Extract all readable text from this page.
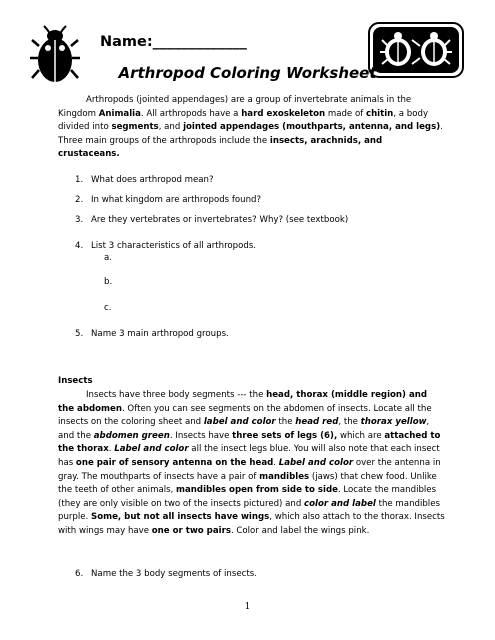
Name:_____________
Arthropod Coloring Worksheet
Arthropods (jointed appendages) are a group of invertebrate animals in the Kingdom Animalia. All arthropods have a hard exoskeleton made of chitin, a body divided into segments, and jointed appendages (mouthparts, antenna, and legs). Three main groups of the arthropods include the insects, arachnids, and crustaceans.
1. What does arthropod mean?
2. In what kingdom are arthropods found?
3. Are they vertebrates or invertebrates? Why? (see textbook)
4. List 3 characteristics of all arthropods.
a.
b.
c.
5. Name 3 main arthropod groups.
Insects
Insects have three body segments --- the head, thorax (middle region) and the abdomen. Often you can see segments on the abdomen of insects. Locate all the insects on the coloring sheet and label and color the head red, the thorax yellow, and the abdomen green. Insects have three sets of legs (6), which are attached to the thorax. Label and color all the insect legs blue. You will also note that each insect has one pair of sensory antenna on the head. Label and color over the antenna in gray. The mouthparts of insects have a pair of mandibles (jaws) that chew food. Unlike the teeth of other animals, mandibles open from side to side. Locate the mandibles (they are only visible on two of the insects pictured) and color and label the mandibles purple. Some, but not all insects have wings, which also attach to the thorax. Insects with wings may have one or two pairs. Color and label the wings pink.
6. Name the 3 body segments of insects.
1
